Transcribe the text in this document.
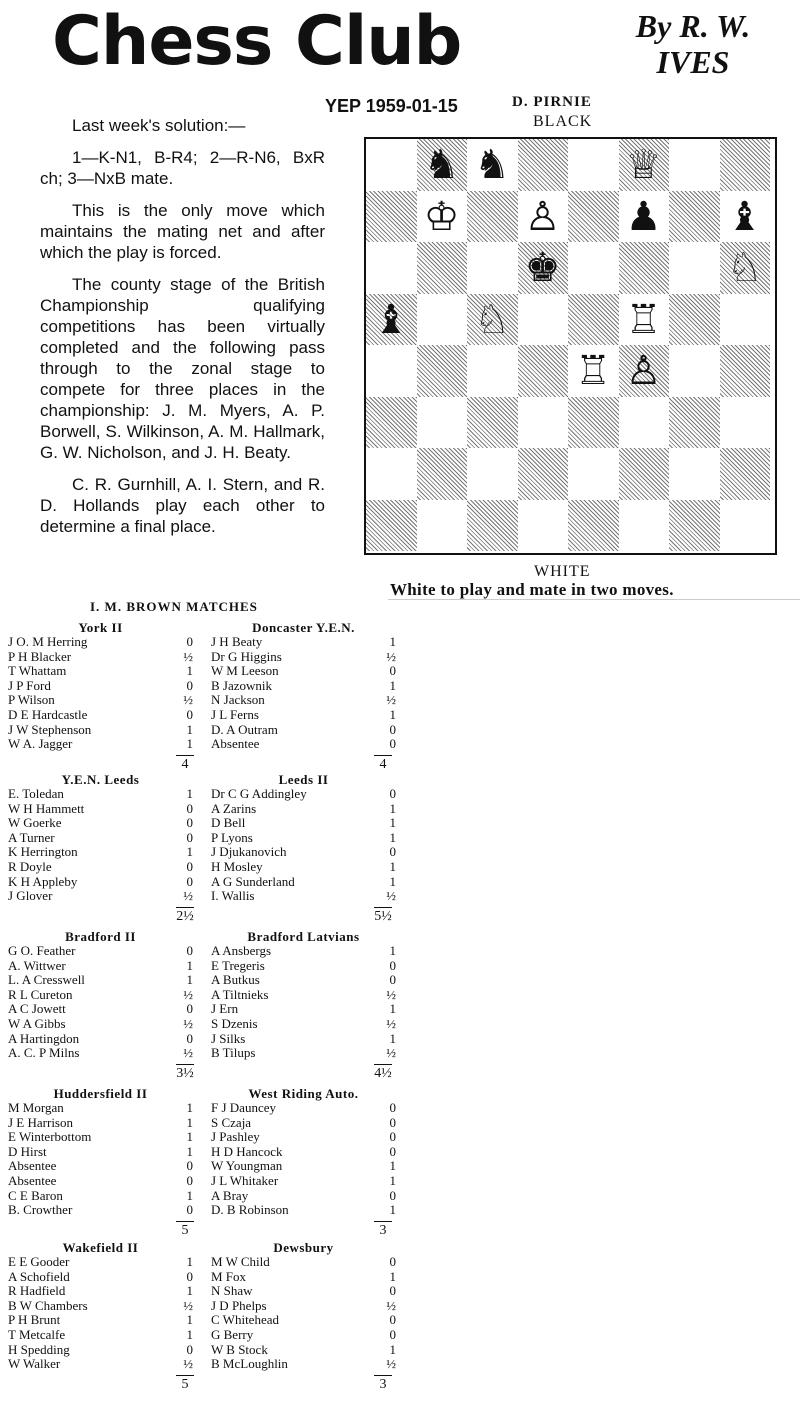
Chess Club	By R. W.
IVES
YEP 1959-01-15	D. PIRNIE
BLACK

Last week's solution:—

1—K-N1, B-R4; 2—R-N6, BxR ch; 3—NxB mate.

This is the only move which maintains the mating net and after which the play is forced.

The county stage of the British Championship qualifying competitions has been virtually completed and the following pass through to the zonal stage to compete for three places in the championship: J. M. Myers, A. P. Borwell, S. Wilkinson, A. M. Hallmark, G. W. Nicholson, and J. H. Beaty.

C. R. Gurnhill, A. I. Stern, and R. D. Hollands play each other to determine a final place.

♞ ♞	♕
♔ ♙ ♟ ♝
♚	♘
♝ ♘	♖
♖ ♙
WHITE
White to play and mate in two moves.
I. M. BROWN MATCHES
York II
J O. M Herring	0
P H Blacker	½
T Whattam	1
J P Ford	0
P Wilson	½
D E Hardcastle	0
J W Stephenson	1
W A. Jagger	1
4
Doncaster Y.E.N.
J H Beaty	1
Dr G Higgins	½
W M Leeson	0
B Jazownik	1
N Jackson	½
J L Ferns	1
D. A Outram	0
Absentee	0
4
Y.E.N. Leeds
E. Toledan	1
W H Hammett	0
W Goerke	0
A Turner	0
K Herrington	1
R Doyle	0
K H Appleby	0
J Glover	½
2½
Leeds II
Dr C G Addingley	0
A Zarins	1
D Bell	1
P Lyons	1
J Djukanovich	0
H Mosley	1
A G Sunderland	1
I. Wallis	½
5½
Bradford II
G O. Feather	0
A. Wittwer	1
L. A Cresswell	1
R L Cureton	½
A C Jowett	0
W A Gibbs	½
A Hartingdon	0
A. C. P Milns	½
3½
Bradford Latvians
A Ansbergs	1
E Tregeris	0
A Butkus	0
A Tiltnieks	½
J Ern	1
S Dzenis	½
J Silks	1
B Tilups	½
4½
Huddersfield II
M Morgan	1
J E Harrison	1
E Winterbottom	1
D Hirst	1
Absentee	0
Absentee	0
C E Baron	1
B. Crowther	0
5
West Riding Auto.
F J Dauncey	0
S Czaja	0
J Pashley	0
H D Hancock	0
W Youngman	1
J L Whitaker	1
A Bray	0
D. B Robinson	1
3
Wakefield II
E E Gooder	1
A Schofield	0
R Hadfield	1
B W Chambers	½
P H Brunt	1
T Metcalfe	1
H Spedding	0
W Walker	½
5
Dewsbury
M W Child	0
M Fox	1
N Shaw	0
J D Phelps	½
C Whitehead	0
G Berry	0
W B Stock	1
B McLoughlin	½
3
